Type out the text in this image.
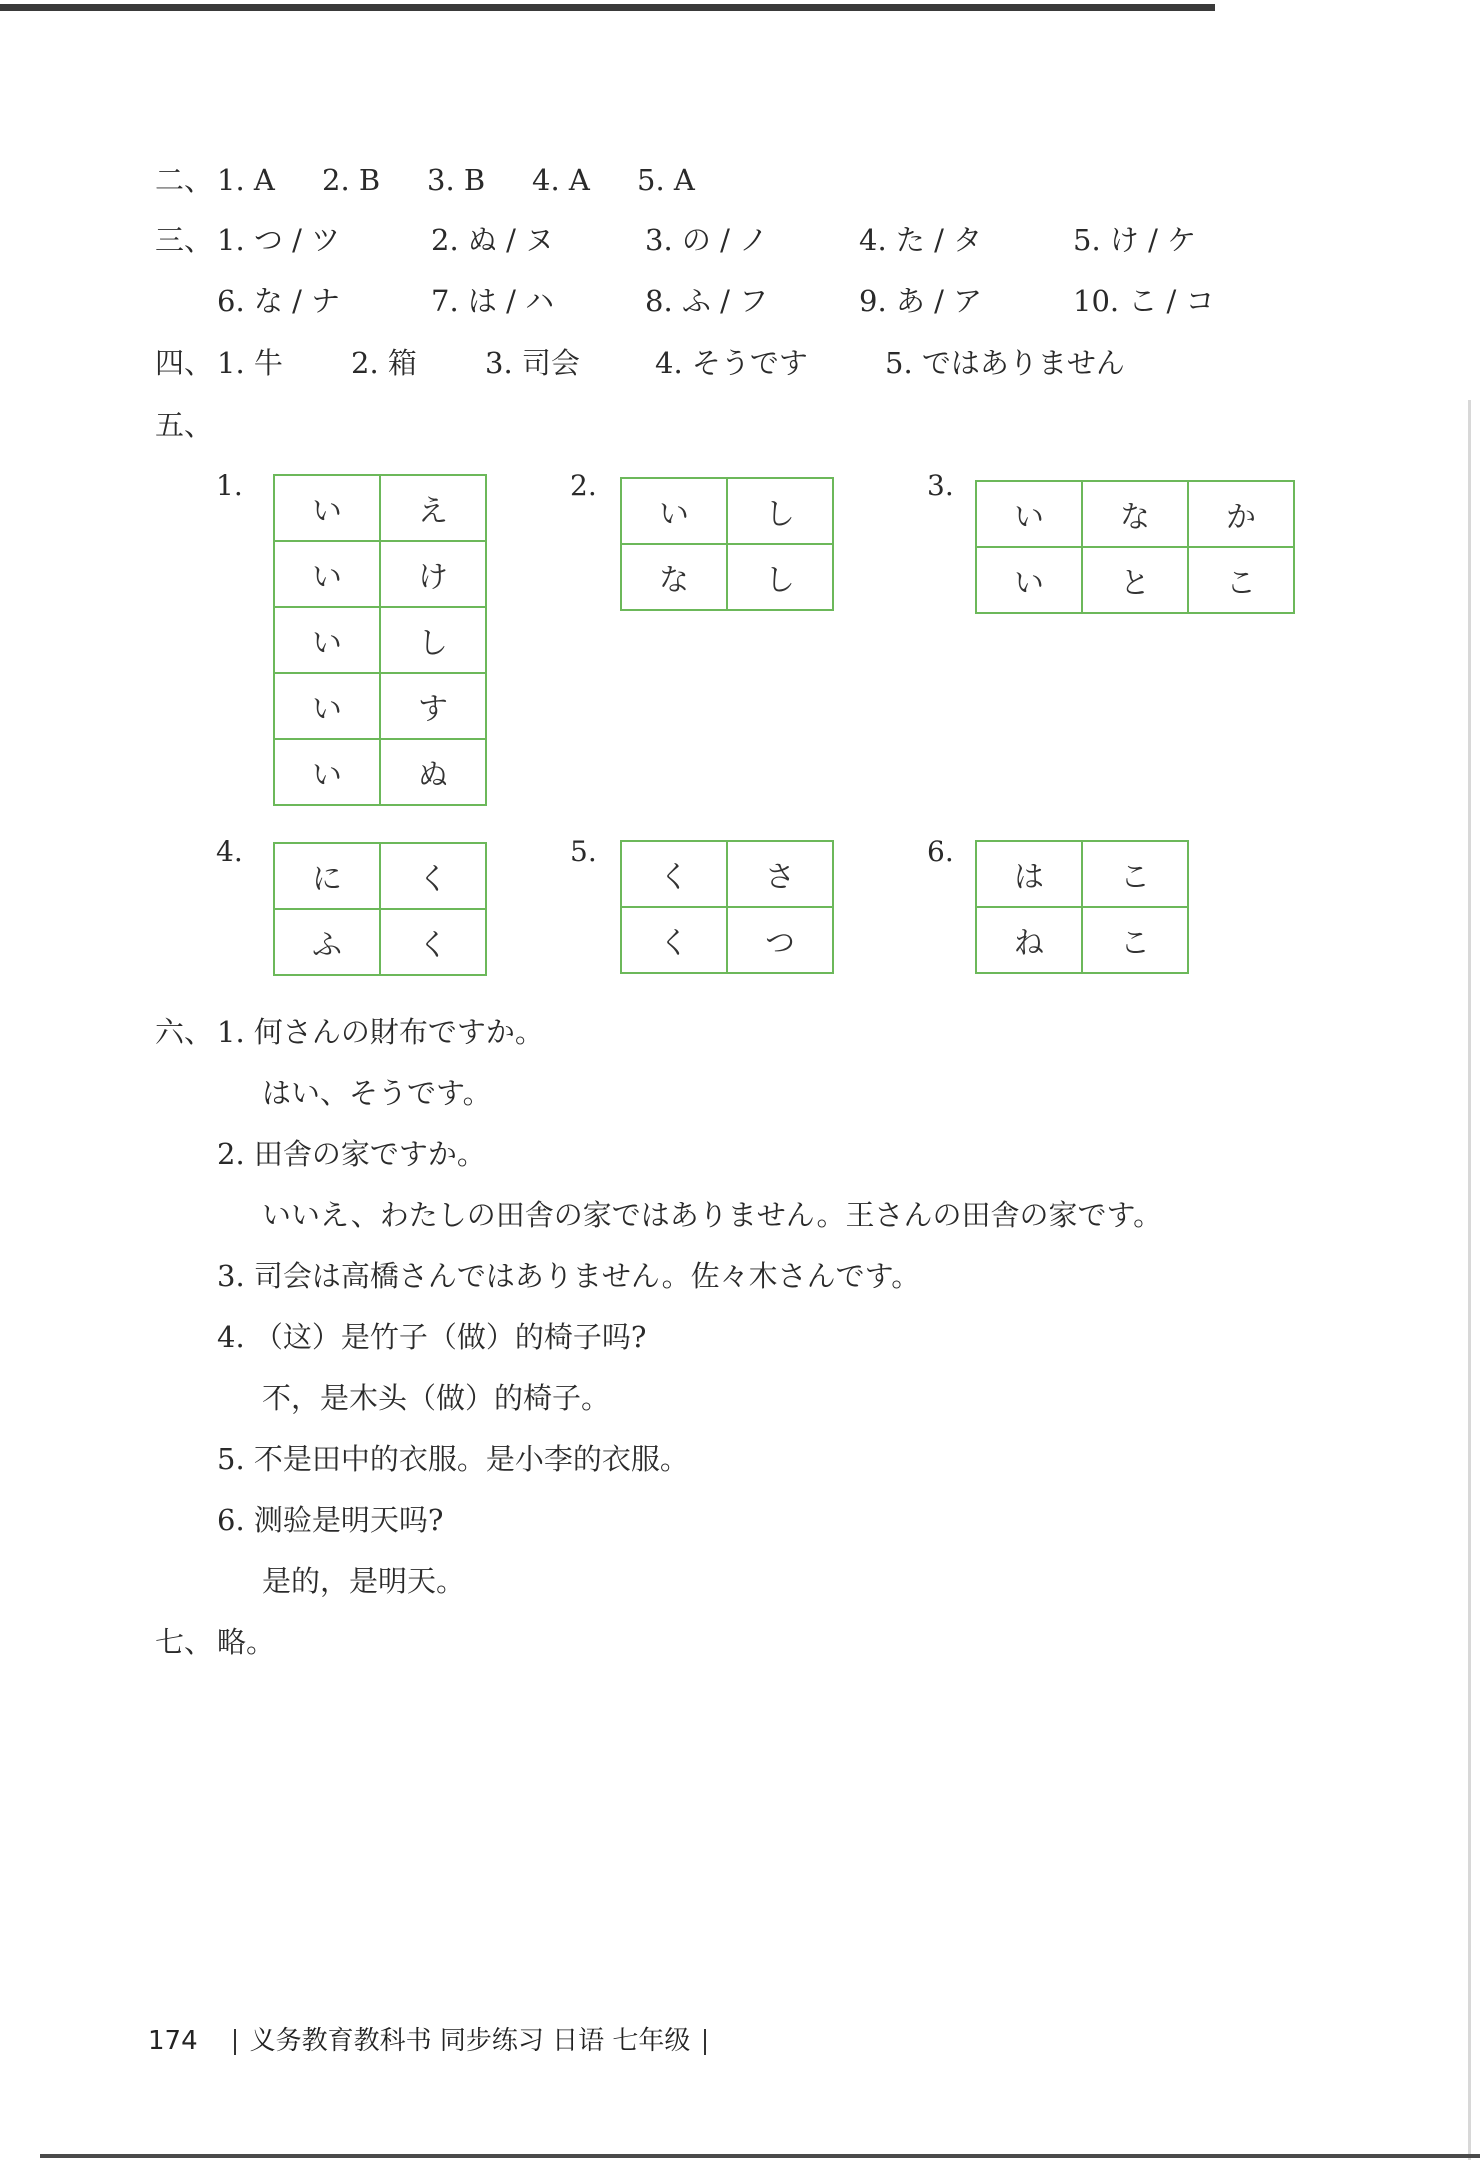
二、 1. A 2. B 3. B 4. A 5. A
三、 1. つ / ツ	2. ぬ / ヌ	3. の / ノ	4. た / タ	5. け / ケ
6. な / ナ	7. は / ハ	8. ふ / フ	9. あ / ア	10. こ / コ
四、 1. 牛 2. 箱 3. 司会	4. そうです	5. ではありません
五、
1.
い	え
い	け
い	し
い	す
い	ぬ
2.
い	し
な	し
3.
い	な	か
い	と	こ
4.
に	く
ふ	く
5.
く	さ
く	つ
6.
は	こ
ね	こ
六、 1. 何さんの財布ですか。
はい、そうです。
2. 田舎の家ですか。
いいえ、わたしの田舎の家ではありません。王さんの田舎の家です。
3. 司会は高橋さんではありません。佐々木さんです。
4. （这）是竹子（做）的椅子吗?
不，是木头（做）的椅子。
5. 不是田中的衣服。是小李的衣服。
6. 测验是明天吗?
是的，是明天。
七、 略。
174 义务教育教科书 同步练习 日语 七年级
